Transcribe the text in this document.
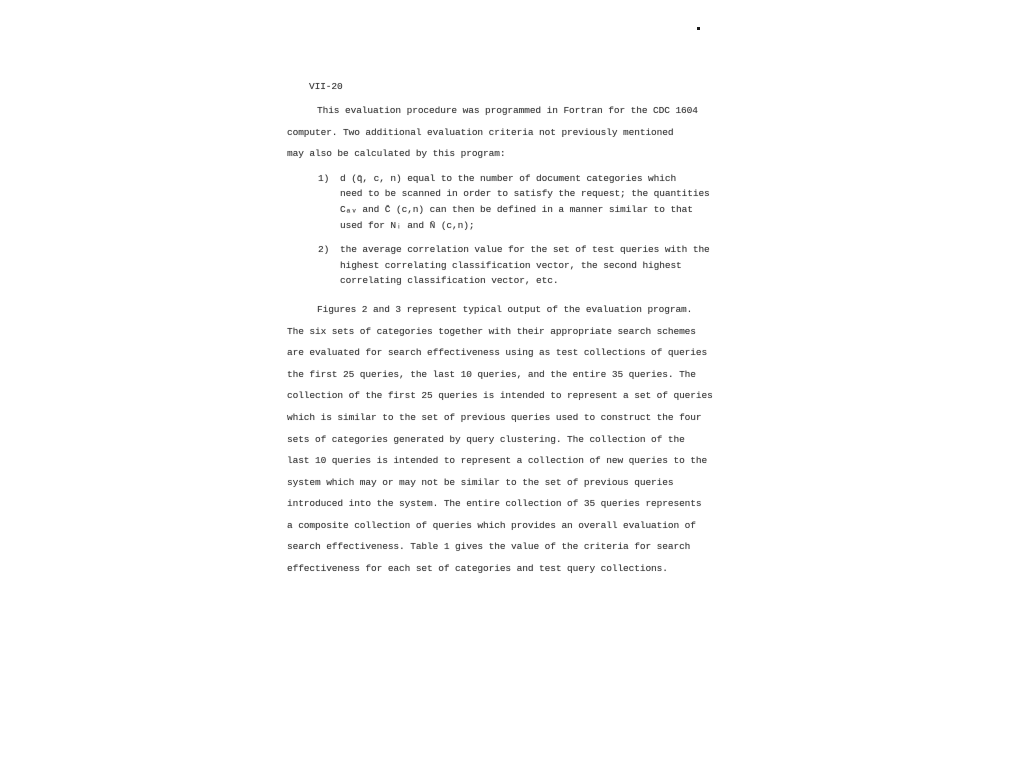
VII-20
This evaluation procedure was programmed in Fortran for the CDC 1604
computer. Two additional evaluation criteria not previously mentioned
may also be calculated by this program:
1)	d (q̄, c, n) equal to the number of document categories which
need to be scanned in order to satisfy the request; the quantities
Cₐᵥ and C̄ (c,n) can then be defined in a manner similar to that
used for Nᵢ and N̄ (c,n);
2)	the average correlation value for the set of test queries with the
highest correlating classification vector, the second highest
correlating classification vector, etc.
Figures 2 and 3 represent typical output of the evaluation program.
The six sets of categories together with their appropriate search schemes
are evaluated for search effectiveness using as test collections of queries
the first 25 queries, the last 10 queries, and the entire 35 queries. The
collection of the first 25 queries is intended to represent a set of queries
which is similar to the set of previous queries used to construct the four
sets of categories generated by query clustering. The collection of the
last 10 queries is intended to represent a collection of new queries to the
system which may or may not be similar to the set of previous queries
introduced into the system. The entire collection of 35 queries represents
a composite collection of queries which provides an overall evaluation of
search effectiveness. Table 1 gives the value of the criteria for search
effectiveness for each set of categories and test query collections.
